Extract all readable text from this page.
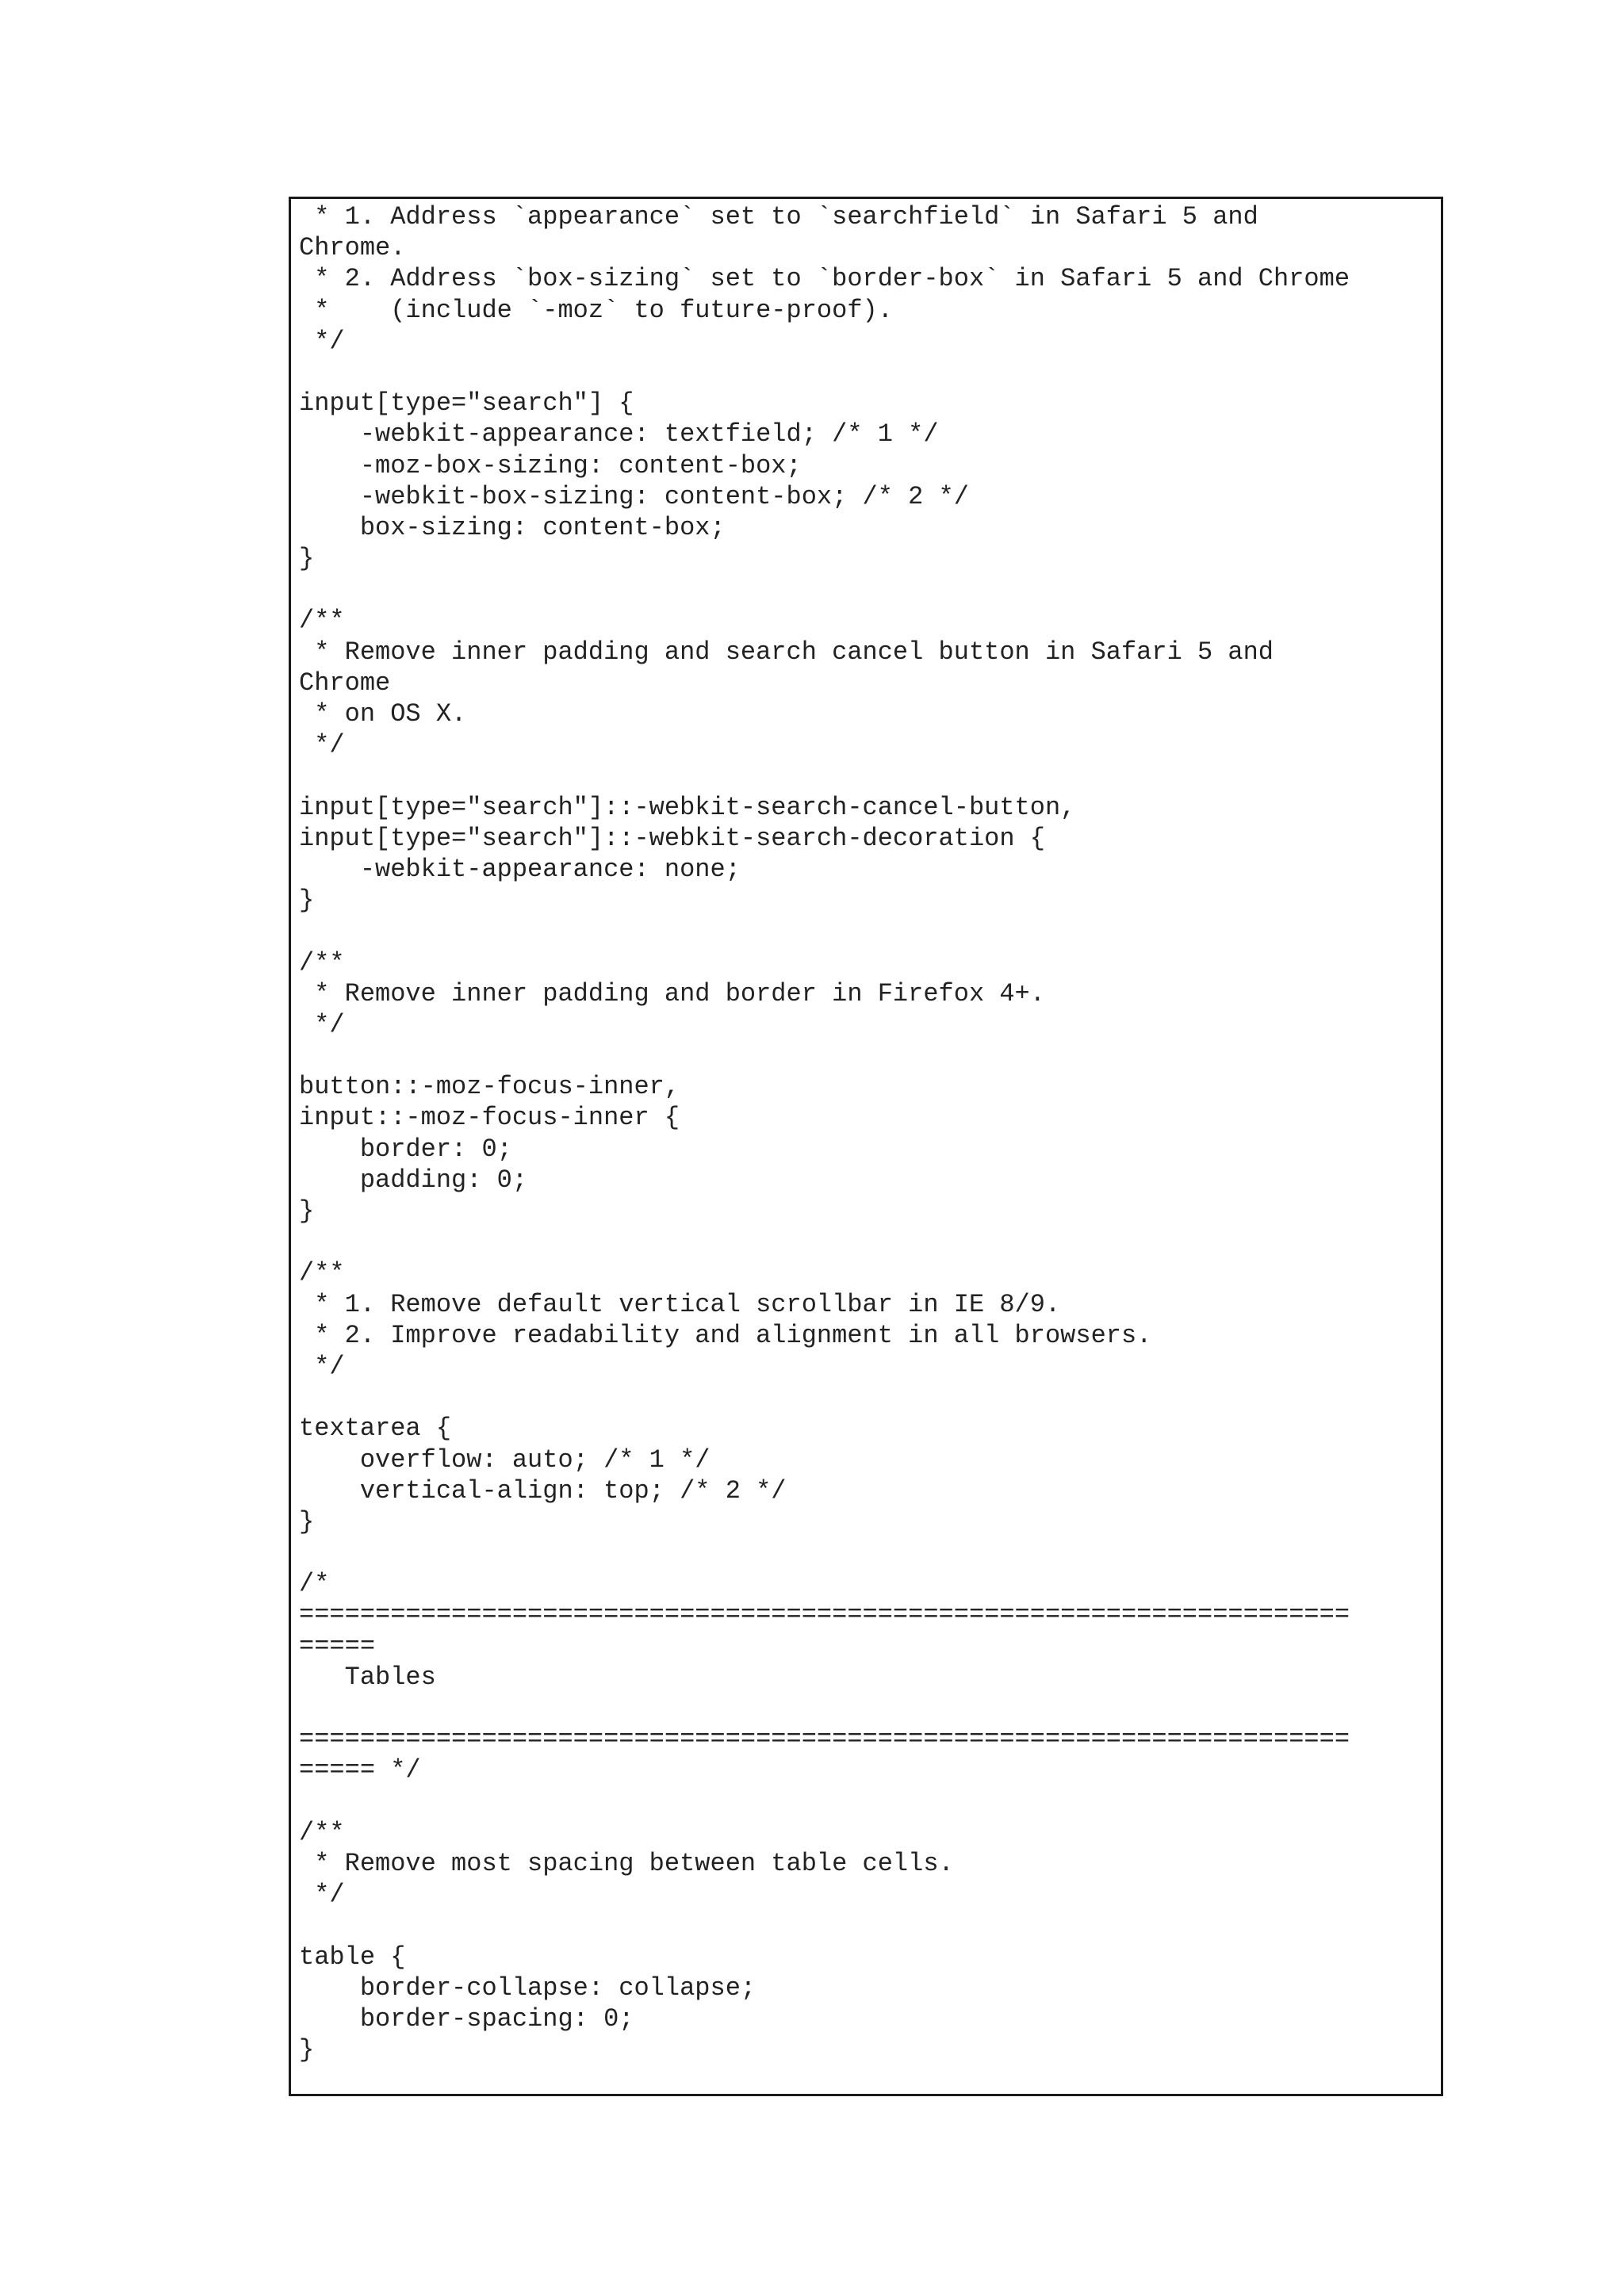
* 1. Address `appearance` set to `searchfield` in Safari 5 and
Chrome.
* 2. Address `box-sizing` set to `border-box` in Safari 5 and Chrome
*    (include `-moz` to future-proof).
*/
input[type="search"] {
-webkit-appearance: textfield; /* 1 */
-moz-box-sizing: content-box;
-webkit-box-sizing: content-box; /* 2 */
box-sizing: content-box;
}
/**
* Remove inner padding and search cancel button in Safari 5 and
Chrome
* on OS X.
*/
input[type="search"]::-webkit-search-cancel-button,
input[type="search"]::-webkit-search-decoration {
-webkit-appearance: none;
}
/**
* Remove inner padding and border in Firefox 4+.
*/
button::-moz-focus-inner,
input::-moz-focus-inner {
border: 0;
padding: 0;
}
/**
* 1. Remove default vertical scrollbar in IE 8/9.
* 2. Improve readability and alignment in all browsers.
*/
textarea {
overflow: auto; /* 1 */
vertical-align: top; /* 2 */
}
/*
=====================================================================
=====
Tables
=====================================================================
===== */
/**
* Remove most spacing between table cells.
*/
table {
border-collapse: collapse;
border-spacing: 0;
}
